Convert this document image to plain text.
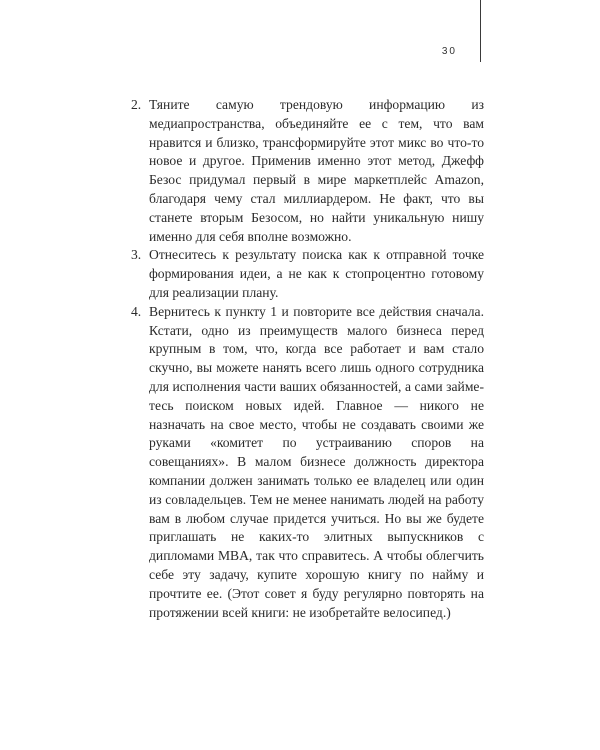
30
2. Тяните самую трендовую информацию из медиапространства, объединяйте ее с тем, что вам нравится и близко, трансформируйте этот микс во что-то новое и другое. Применив именно этот метод, Джефф Безос придумал первый в мире маркетплейс Amazon, благодаря чему стал миллиардером. Не факт, что вы станете вторым Безосом, но найти уникальную нишу именно для себя вполне возможно.
3. Отнеситесь к результату поиска как к отправной точке формирования идеи, а не как к стопроцентно готовому для реализации плану.
4. Вернитесь к пункту 1 и повторите все действия сначала. Кстати, одно из преимуществ малого бизнеса перед крупным в том, что, когда все работает и вам стало скучно, вы можете нанять всего лишь одного сотрудника для исполнения части ваших обязанностей, а сами займетесь поиском новых идей. Главное — никого не назначать на свое место, чтобы не создавать своими же руками «комитет по устраиванию споров на совещаниях». В малом бизнесе должность директора компании должен занимать только ее владелец или один из совладельцев. Тем не менее нанимать людей на работу вам в любом случае придется учиться. Но вы же будете приглашать не каких-то элитных выпускников с дипломами MBA, так что справитесь. А чтобы облегчить себе эту задачу, купите хорошую книгу по найму и прочтите ее. (Этот совет я буду регулярно повторять на протяжении всей книги: не изобретайте велосипед.)
